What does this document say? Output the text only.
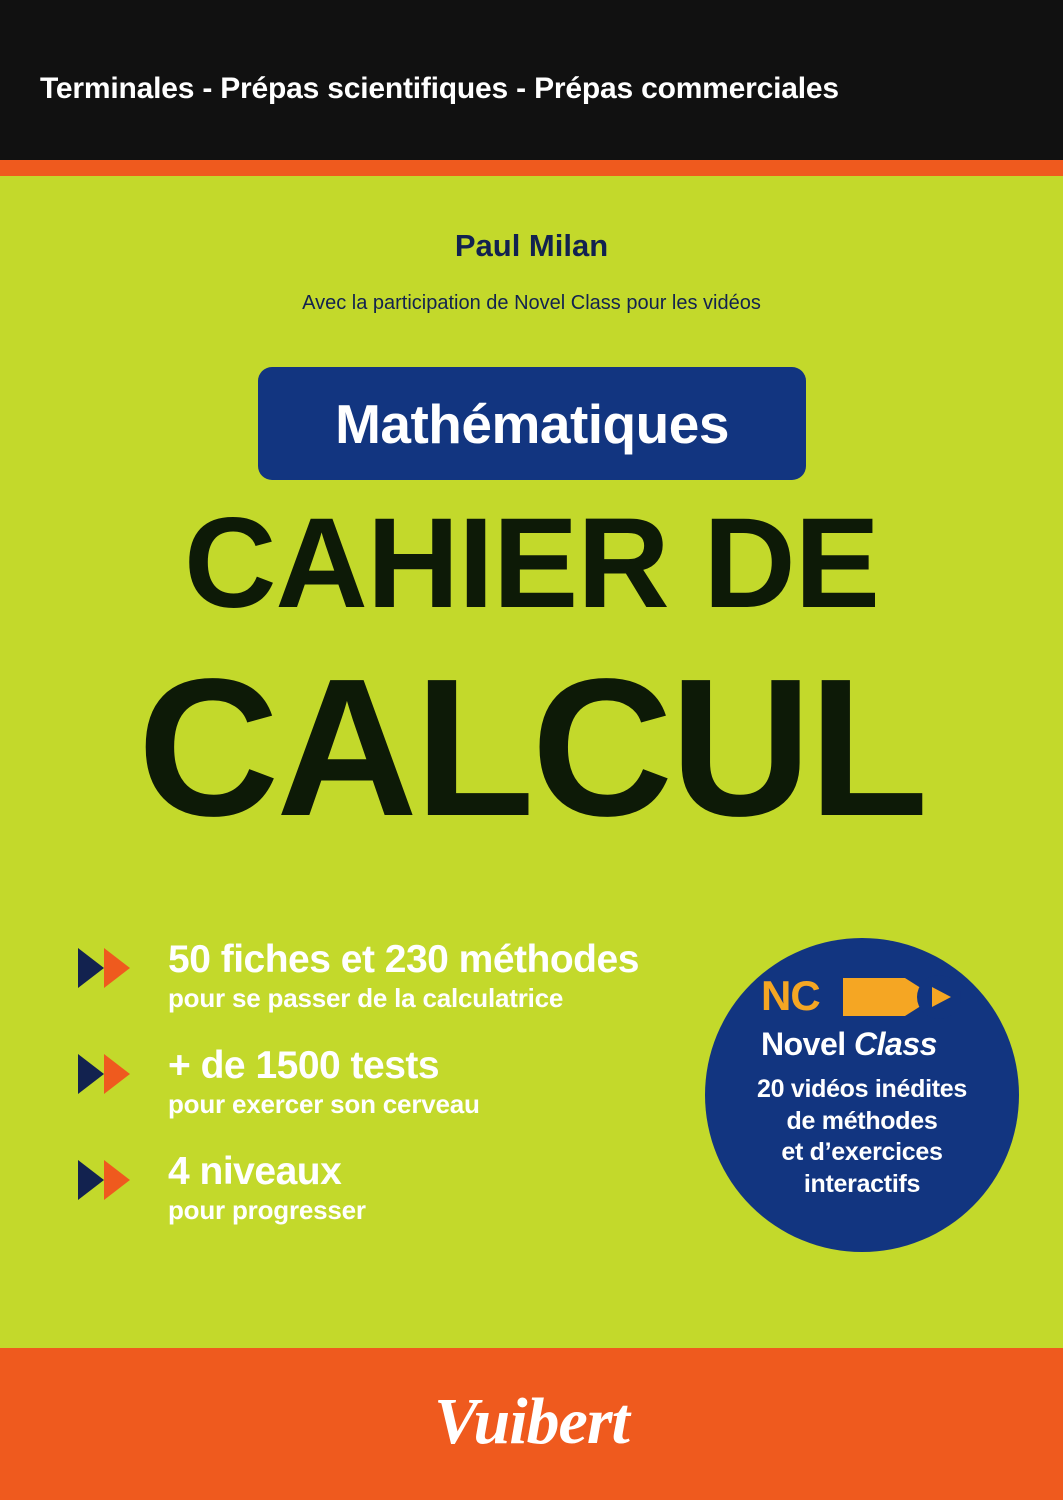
Terminales - Prépas scientifiques - Prépas commerciales
Paul Milan
Avec la participation de Novel Class pour les vidéos
Mathématiques
CAHIER DE
CALCUL
50 fiches et 230 méthodes
pour se passer de la calculatrice
+ de 1500 tests
pour exercer son cerveau
4 niveaux
pour progresser
NC
Novel Class
20 vidéos inédites
de méthodes
et d’exercices
interactifs
Vuibert
